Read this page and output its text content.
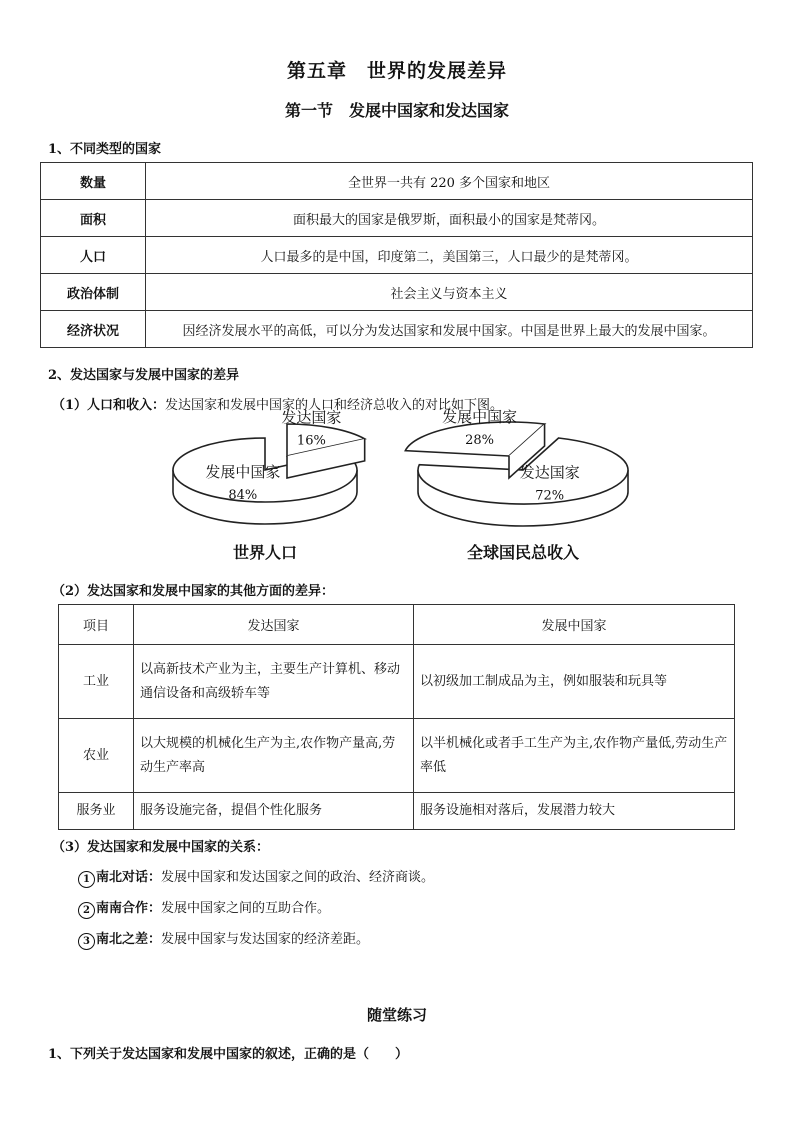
第五章　世界的发展差异
第一节　发展中国家和发达国家
1、不同类型的国家
数量	全世界一共有 220 多个国家和地区
面积	面积最大的国家是俄罗斯，面积最小的国家是梵蒂冈。
人口	人口最多的是中国，印度第二，美国第三，人口最少的是梵蒂冈。
政治体制	社会主义与资本主义
经济状况	因经济发展水平的高低，可以分为发达国家和发展中国家。中国是世界上最大的发展中国家。
2、发达国家与发展中国家的差异
（1）人口和收入：发达国家和发展中国家的人口和经济总收入的对比如下图。
发达国家
16%
发展中国家
84%
世界人口
发展中国家
28%
发达国家
72%
全球国民总收入
（2）发达国家和发展中国家的其他方面的差异：
项目	发达国家	发展中国家
工业	以高新技术产业为主，主要生产计算机、移动通信设备和高级轿车等	以初级加工制成品为主，例如服装和玩具等
农业	以大规模的机械化生产为主,农作物产量高,劳动生产率高	以半机械化或者手工生产为主,农作物产量低,劳动生产率低
服务业	服务设施完备，提倡个性化服务	服务设施相对落后，发展潜力较大
（3）发达国家和发展中国家的关系：
1 南北对话：发展中国家和发达国家之间的政治、经济商谈。
2 南南合作：发展中国家之间的互助合作。
3 南北之差：发展中国家与发达国家的经济差距。
随堂练习
1、下列关于发达国家和发展中国家的叙述，正确的是（　　）
